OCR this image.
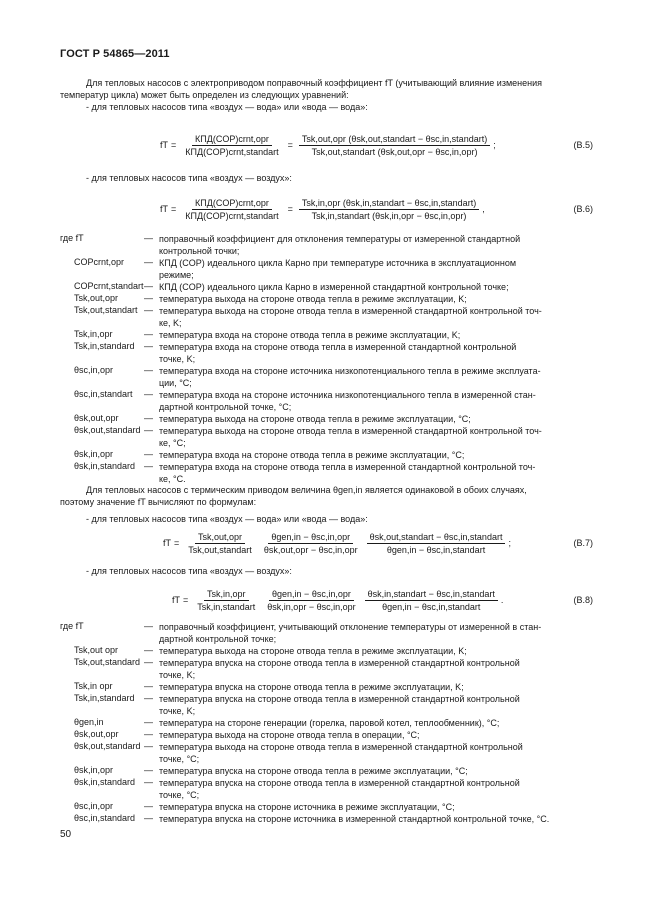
ГОСТ Р 54865—2011
Для тепловых насосов с электроприводом поправочный коэффициент fT (учитывающий влияние изменения
температур цикла) может быть определен из следующих уравнений:
- для тепловых насосов типа «воздух — вода» или «вода — вода»:
fT = $\frac{\text{КПД(COP)crnt,opr}}{\text{КПД(COP)crnt,standart}} = \frac{\text{Tsk,out,opr (θsk,out,standart − θsc,in,standart)}}{\text{Tsk,out,standart (θsk,out,opr − θsc,in,opr)}}$ ;	(B.5)
- для тепловых насосов типа «воздух — воздух»:
fT = $\frac{\text{КПД(COP)crnt,opr}}{\text{КПД(COP)crnt,standart}} = \frac{\text{Tsk,in,opr (θsk,in,standart − θsc,in,standart)}}{\text{Tsk,in,standart (θsk,in,opr − θsc,in,opr)}}$ ,	(B.6)
где fT	— поправочный коэффициент для отклонения температуры от измеренной стандартной
контрольной точки;
COPcrnt,opr — КПД (COP) идеального цикла Карно при температуре источника в эксплуатационном
режиме;
COPcrnt,standart — КПД (COP) идеального цикла Карно в измеренной стандартной контрольной точке;
Tsk,out,opr	— температура выхода на стороне отвода тепла в режиме эксплуатации, K;
Tsk,out,standart — температура выхода на стороне отвода тепла в измеренной стандартной контрольной точ-
ке, K;
Tsk,in,opr	— температура входа на стороне отвода тепла в режиме эксплуатации, K;
Tsk,in,standard — температура входа на стороне отвода тепла в измеренной стандартной контрольной
точке, K;
θsc,in,opr	— температура входа на стороне источника низкопотенциального тепла в режиме эксплуата-
ции, °C;
θsc,in,standart — температура входа на стороне источника низкопотенциального тепла в измеренной стан-
дартной контрольной точке, °C;
θsk,out,opr	— температура выхода на стороне отвода тепла в режиме эксплуатации, °C;
θsk,out,standard — температура выхода на стороне отвода тепла в измеренной стандартной контрольной точ-
ке, °C;
θsk,in,opr	— температура входа на стороне отвода тепла в режиме эксплуатации, °C;
θsk,in,standard — температура входа на стороне отвода тепла в измеренной стандартной контрольной точ-
ке, °C.
Для тепловых насосов с термическим приводом величина θgen,in является одинаковой в обоих случаях,
поэтому значение fT вычисляют по формулам:
- для тепловых насосов типа «воздух — вода» или «вода — вода»:
fT = $\frac{\text{Tsk,out,opr}}{\text{Tsk,out,standart}} \frac{\text{θgen,in − θsc,in,opr}}{\text{θsk,out,opr − θsc,in,opr}} \frac{\text{θsk,out,standart − θsc,in,standart}}{\text{θgen,in − θsc,in,standart}}$ ;	(B.7)
- для тепловых насосов типа «воздух — воздух»:
fT = $\frac{\text{Tsk,in,opr}}{\text{Tsk,in,standart}} \frac{\text{θgen,in − θsc,in,opr}}{\text{θsk,in,opr − θsc,in,opr}} \frac{\text{θsk,in,standart − θsc,in,standart}}{\text{θgen,in − θsc,in,standart}}$ .	(B.8)
где fT	— поправочный коэффициент, учитывающий отклонение температуры от измеренной в стан-
дартной контрольной точке;
Tsk,out opr	— температура выхода на стороне отвода тепла в режиме эксплуатации, K;
Tsk,out,standard — температура впуска на стороне отвода тепла в измеренной стандартной контрольной
точке, K;
Tsk,in opr	— температура впуска на стороне отвода тепла в режиме эксплуатации, K;
Tsk,in,standard — температура впуска на стороне отвода тепла в измеренной стандартной контрольной
точке, K;
θgen,in	— температура на стороне генерации (горелка, паровой котел, теплообменник), °C;
θsk,out,opr	— температура выхода на стороне отвода тепла в операции, °C;
θsk,out,standard — температура выхода на стороне отвода тепла в измеренной стандартной контрольной
точке, °C;
θsk,in,opr	— температура впуска на стороне отвода тепла в режиме эксплуатации, °C;
θsk,in,standard — температура впуска на стороне отвода тепла в измеренной стандартной контрольной
точке, °C;
θsc,in,opr	— температура впуска на стороне источника в режиме эксплуатации, °C;
θsc,in,standard — температура впуска на стороне источника в измеренной стандартной контрольной точке, °C.
50
